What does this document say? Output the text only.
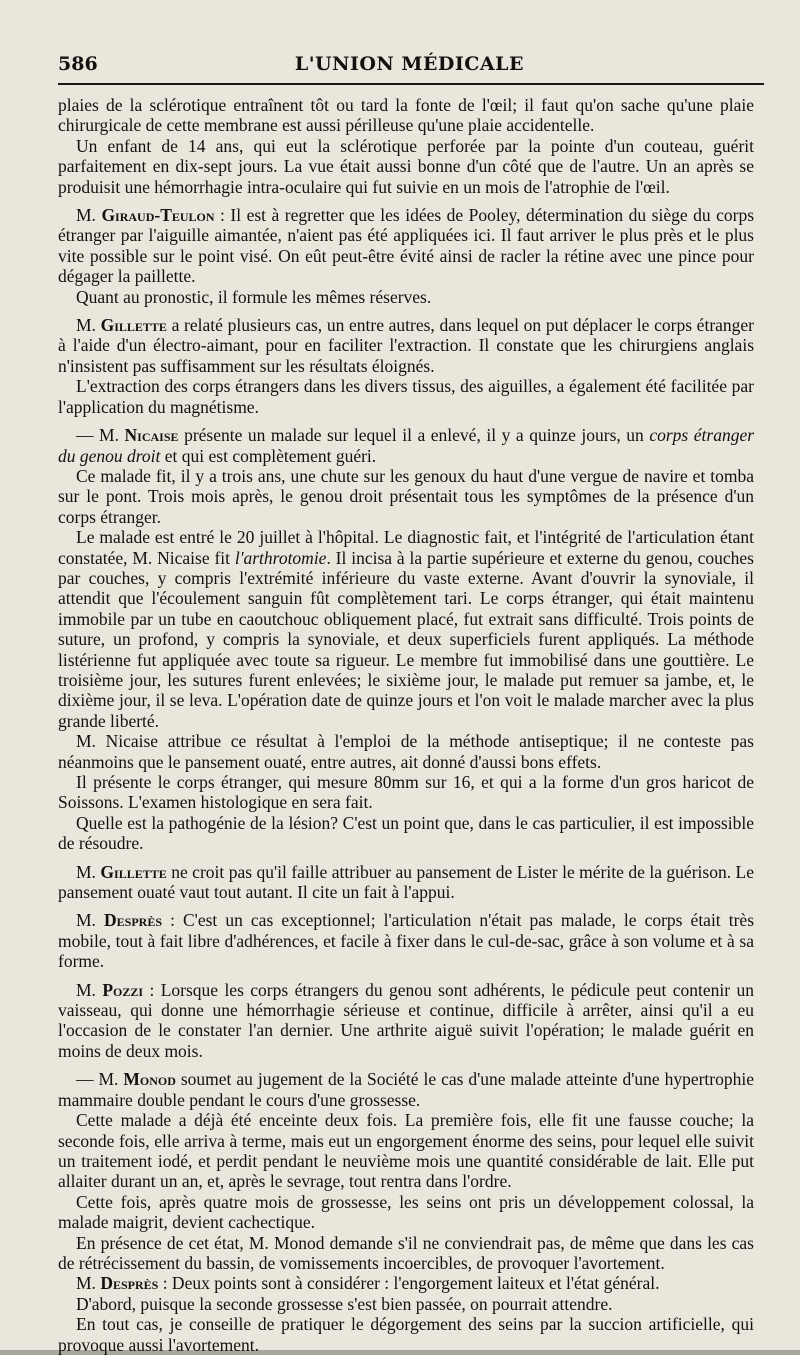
586	L'UNION MÉDICALE

plaies de la sclérotique entraînent tôt ou tard la fonte de l'œil; il faut qu'on sache qu'une plaie chirurgicale de cette membrane est aussi périlleuse qu'une plaie accidentelle.

Un enfant de 14 ans, qui eut la sclérotique perforée par la pointe d'un couteau, guérit parfaitement en dix-sept jours. La vue était aussi bonne d'un côté que de l'autre. Un an après se produisit une hémorrhagie intra-oculaire qui fut suivie en un mois de l'atrophie de l'œil.

M. Giraud-Teulon : Il est à regretter que les idées de Pooley, détermination du siège du corps étranger par l'aiguille aimantée, n'aient pas été appliquées ici. Il faut arriver le plus près et le plus vite possible sur le point visé. On eût peut-être évité ainsi de racler la rétine avec une pince pour dégager la paillette.

Quant au pronostic, il formule les mêmes réserves.

M. Gillette a relaté plusieurs cas, un entre autres, dans lequel on put déplacer le corps étranger à l'aide d'un électro-aimant, pour en faciliter l'extraction. Il constate que les chirurgiens anglais n'insistent pas suffisamment sur les résultats éloignés.

L'extraction des corps étrangers dans les divers tissus, des aiguilles, a également été facilitée par l'application du magnétisme.

— M. Nicaise présente un malade sur lequel il a enlevé, il y a quinze jours, un corps étranger du genou droit et qui est complètement guéri.

Ce malade fit, il y a trois ans, une chute sur les genoux du haut d'une vergue de navire et tomba sur le pont. Trois mois après, le genou droit présentait tous les symptômes de la présence d'un corps étranger.

Le malade est entré le 20 juillet à l'hôpital. Le diagnostic fait, et l'intégrité de l'articulation étant constatée, M. Nicaise fit l'arthrotomie. Il incisa à la partie supérieure et externe du genou, couches par couches, y compris l'extrémité inférieure du vaste externe. Avant d'ouvrir la synoviale, il attendit que l'écoulement sanguin fût complètement tari. Le corps étranger, qui était maintenu immobile par un tube en caoutchouc obliquement placé, fut extrait sans difficulté. Trois points de suture, un profond, y compris la synoviale, et deux superficiels furent appliqués. La méthode listérienne fut appliquée avec toute sa rigueur. Le membre fut immobilisé dans une gouttière. Le troisième jour, les sutures furent enlevées; le sixième jour, le malade put remuer sa jambe, et, le dixième jour, il se leva. L'opération date de quinze jours et l'on voit le malade marcher avec la plus grande liberté.

M. Nicaise attribue ce résultat à l'emploi de la méthode antiseptique; il ne conteste pas néanmoins que le pansement ouaté, entre autres, ait donné d'aussi bons effets.

Il présente le corps étranger, qui mesure 80mm sur 16, et qui a la forme d'un gros haricot de Soissons. L'examen histologique en sera fait.

Quelle est la pathogénie de la lésion? C'est un point que, dans le cas particulier, il est impossible de résoudre.

M. Gillette ne croit pas qu'il faille attribuer au pansement de Lister le mérite de la guérison. Le pansement ouaté vaut tout autant. Il cite un fait à l'appui.

M. Desprès : C'est un cas exceptionnel; l'articulation n'était pas malade, le corps était très mobile, tout à fait libre d'adhérences, et facile à fixer dans le cul-de-sac, grâce à son volume et à sa forme.

M. Pozzi : Lorsque les corps étrangers du genou sont adhérents, le pédicule peut contenir un vaisseau, qui donne une hémorrhagie sérieuse et continue, difficile à arrêter, ainsi qu'il a eu l'occasion de le constater l'an dernier. Une arthrite aiguë suivit l'opération; le malade guérit en moins de deux mois.

— M. Monod soumet au jugement de la Société le cas d'une malade atteinte d'une hypertrophie mammaire double pendant le cours d'une grossesse.

Cette malade a déjà été enceinte deux fois. La première fois, elle fit une fausse couche; la seconde fois, elle arriva à terme, mais eut un engorgement énorme des seins, pour lequel elle suivit un traitement iodé, et perdit pendant le neuvième mois une quantité considérable de lait. Elle put allaiter durant un an, et, après le sevrage, tout rentra dans l'ordre.

Cette fois, après quatre mois de grossesse, les seins ont pris un développement colossal, la malade maigrit, devient cachectique.

En présence de cet état, M. Monod demande s'il ne conviendrait pas, de même que dans les cas de rétrécissement du bassin, de vomissements incoercibles, de provoquer l'avortement.

M. Desprès : Deux points sont à considérer : l'engorgement laiteux et l'état général.

D'abord, puisque la seconde grossesse s'est bien passée, on pourrait attendre.

En tout cas, je conseille de pratiquer le dégorgement des seins par la succion artificielle, qui provoque aussi l'avortement.
